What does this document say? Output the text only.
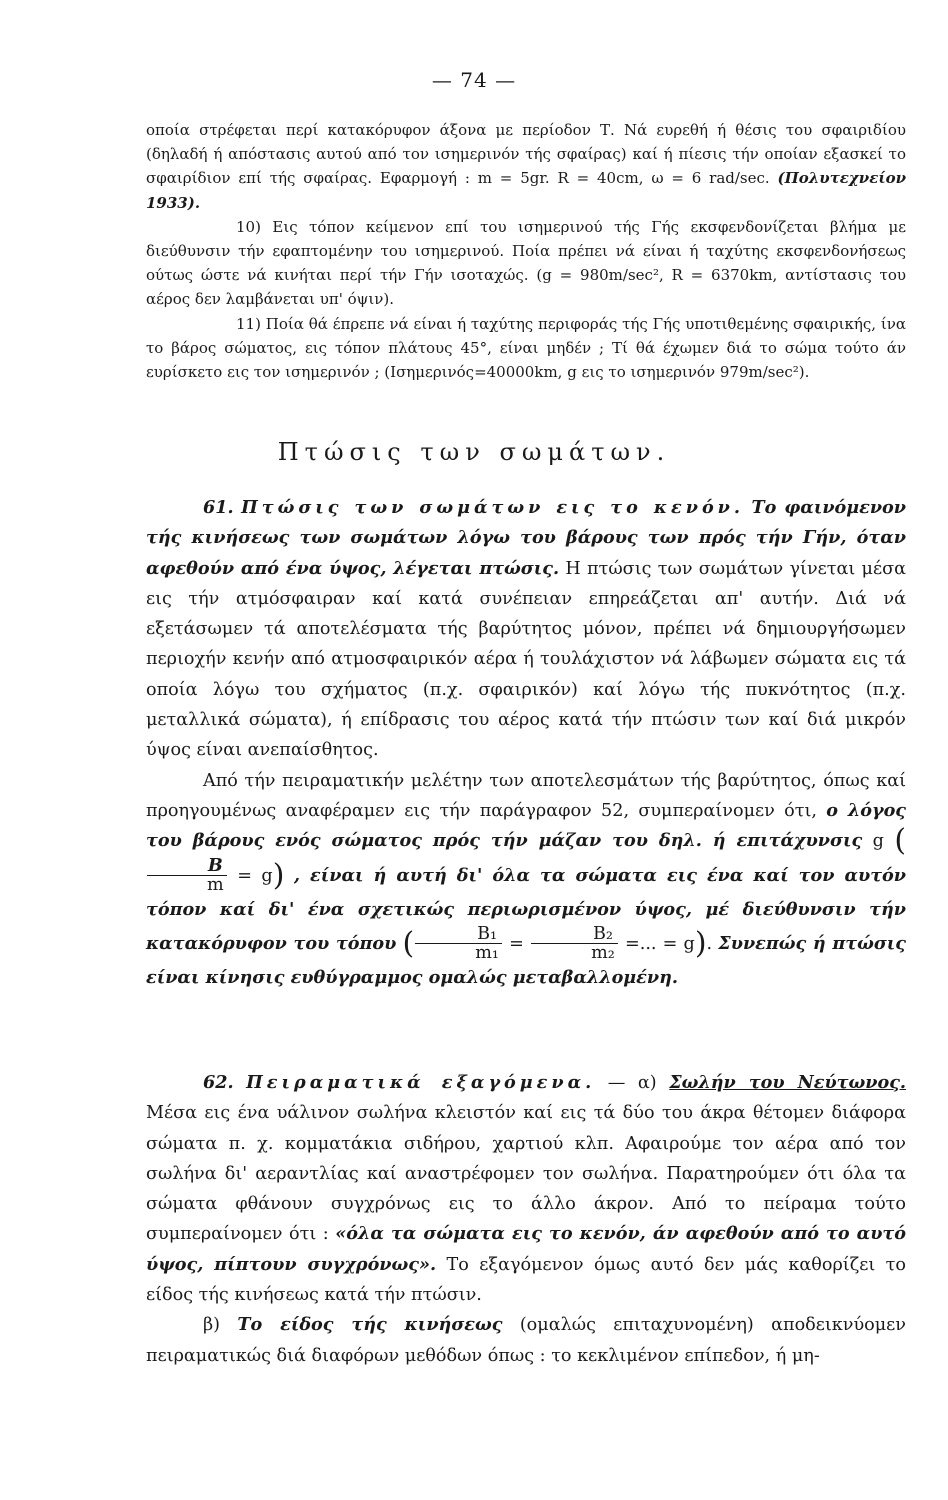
— 74 —

οποία στρέφεται περί κατακόρυφον άξονα με περίοδον Τ. Νά ευρεθή ή θέσις του σφαιριδίου (δηλαδή ή απόστασις αυτού από τον ισημερινόν τής σφαίρας) καί ή πίεσις τήν οποίαν εξασκεί το σφαιρίδιον επί τής σφαίρας. Εφαρμογή : m = 5gr. R = 40cm, ω = 6 rad/sec. (Πολυτεχνείον 1933).

10) Εις τόπον κείμενον επί του ισημερινού τής Γής εκσφενδονίζεται βλήμα με διεύθυνσιν τήν εφαπτομένην του ισημερινού. Ποία πρέπει νά είναι ή ταχύτης εκσφενδονήσεως ούτως ώστε νά κινήται περί τήν Γήν ισοταχώς. (g = 980m/sec², R = 6370km, αντίστασις του αέρος δεν λαμβάνεται υπ' όψιν).

11) Ποία θά έπρεπε νά είναι ή ταχύτης περιφοράς τής Γής υποτιθεμένης σφαιρικής, ίνα το βάρος σώματος, εις τόπον πλάτους 45°, είναι μηδέν ; Τί θά έχωμεν διά το σώμα τούτο άν ευρίσκετο εις τον ισημερινόν ; (Ισημερινός=40000km, g εις το ισημερινόν 979m/sec²).

Πτώσις των σωμάτων.

61. Πτώσις των σωμάτων εις το κενόν. Το φαινόμενον τής κινήσεως των σωμάτων λόγω του βάρους των πρός τήν Γήν, όταν αφεθούν από ένα ύψος, λέγεται πτώσις. Η πτώσις των σωμάτων γίνεται μέσα εις τήν ατμόσφαιραν καί κατά συνέπειαν επηρεάζεται απ' αυτήν. Διά νά εξετάσωμεν τά αποτελέσματα τής βαρύτητος μόνον, πρέπει νά δημιουργήσωμεν περιοχήν κενήν από ατμοσφαιρικόν αέρα ή τουλάχιστον νά λάβωμεν σώματα εις τά οποία λόγω του σχήματος (π.χ. σφαιρικόν) καί λόγω τής πυκνότητος (π.χ. μεταλλικά σώματα), ή επίδρασις του αέρος κατά τήν πτώσιν των καί διά μικρόν ύψος είναι ανεπαίσθητος.

Από τήν πειραματικήν μελέτην των αποτελεσμάτων τής βαρύτητος, όπως καί προηγουμένως αναφέραμεν εις τήν παράγραφον 52, συμπεραίνομεν ότι, ο λόγος του βάρους ενός σώματος πρός τήν μάζαν του δηλ. ή επιτάχυνσις g (
$\frac{B}{m} = g$) , είναι ή αυτή δι' όλα τα σώματα εις ένα καί τον αυτόν τόπον καί δι' ένα σχετικώς περιωρισμένον ύψος, μέ διεύθυνσιν τήν κατακόρυφον του τόπου ( $\frac{\text{B₁}}{\text{m₁}} = \frac{\text{B₂}}{\text{m₂}}$ =... = g). Συνεπώς ή πτώσις είναι κίνησις ευθύγραμμος ομαλώς μεταβαλλομένη.

62. Πειραματικά εξαγόμενα. — α) Σωλήν του Νεύτωνος. Μέσα εις ένα υάλινον σωλήνα κλειστόν καί εις τά δύο του άκρα θέτομεν διάφορα σώματα π. χ. κομματάκια σιδήρου, χαρτιού κλπ. Αφαιρούμε τον αέρα από τον σωλήνα δι' αεραντλίας καί αναστρέφομεν τον σωλήνα. Παρατηρούμεν ότι όλα τα σώματα φθάνουν συγχρόνως εις το άλλο άκρον. Από το πείραμα τούτο συμπεραίνομεν ότι : «όλα τα σώματα εις το κενόν, άν αφεθούν από το αυτό ύψος, πίπτουν συγχρόνως». Το εξαγόμενον όμως αυτό δεν μάς καθορίζει το είδος τής κινήσεως κατά τήν πτώσιν.

β) Το είδος τής κινήσεως (ομαλώς επιταχυνομένη) αποδεικνύομεν πειραματικώς διά διαφόρων μεθόδων όπως : το κεκλιμένον επίπεδον, ή μη-
